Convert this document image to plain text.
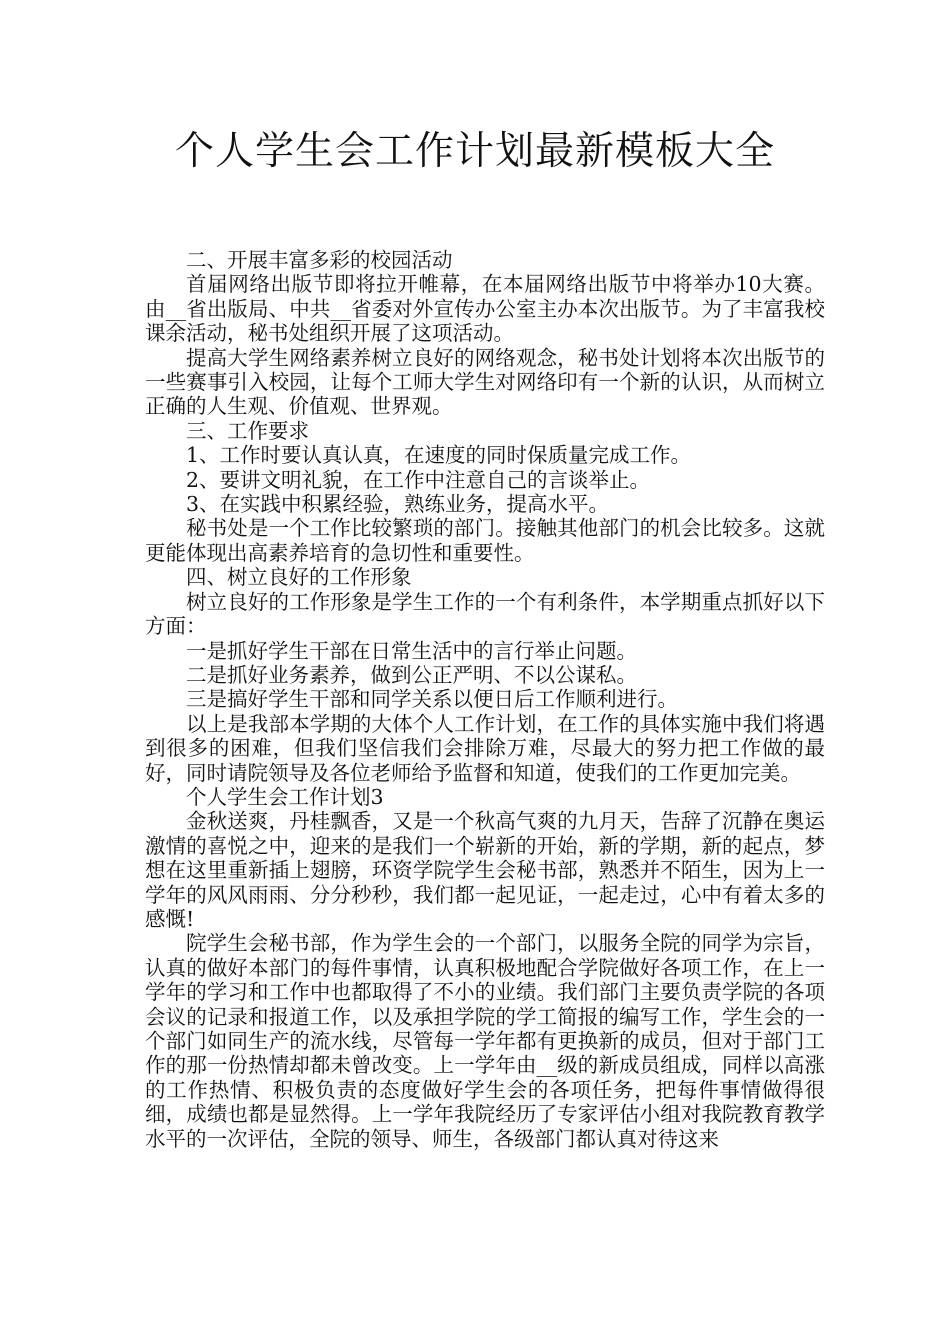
个人学生会工作计划最新模板大全

二、开展丰富多彩的校园活动

首届网络出版节即将拉开帷幕，在本届网络出版节中将举办10大赛。由__省出版局、中共__省委对外宣传办公室主办本次出版节。为了丰富我校课余活动，秘书处组织开展了这项活动。

提高大学生网络素养树立良好的网络观念，秘书处计划将本次出版节的一些赛事引入校园，让每个工师大学生对网络印有一个新的认识，从而树立正确的人生观、价值观、世界观。

三、工作要求

1、工作时要认真认真，在速度的同时保质量完成工作。

2、要讲文明礼貌，在工作中注意自己的言谈举止。

3、在实践中积累经验，熟练业务，提高水平。

秘书处是一个工作比较繁琐的部门。接触其他部门的机会比较多。这就更能体现出高素养培育的急切性和重要性。

四、树立良好的工作形象

树立良好的工作形象是学生工作的一个有利条件，本学期重点抓好以下方面：

一是抓好学生干部在日常生活中的言行举止问题。

二是抓好业务素养，做到公正严明、不以公谋私。

三是搞好学生干部和同学关系以便日后工作顺利进行。

以上是我部本学期的大体个人工作计划，在工作的具体实施中我们将遇到很多的困难，但我们坚信我们会排除万难，尽最大的努力把工作做的最好，同时请院领导及各位老师给予监督和知道，使我们的工作更加完美。

个人学生会工作计划3

金秋送爽，丹桂飘香，又是一个秋高气爽的九月天，告辞了沉静在奥运激情的喜悦之中，迎来的是我们一个崭新的开始，新的学期，新的起点，梦想在这里重新插上翅膀，环资学院学生会秘书部，熟悉并不陌生，因为上一学年的风风雨雨、分分秒秒，我们都一起见证，一起走过，心中有着太多的感慨!

院学生会秘书部，作为学生会的一个部门，以服务全院的同学为宗旨，认真的做好本部门的每件事情，认真积极地配合学院做好各项工作，在上一学年的学习和工作中也都取得了不小的业绩。我们部门主要负责学院的各项会议的记录和报道工作，以及承担学院的学工简报的编写工作，学生会的一个部门如同生产的流水线，尽管每一学年都有更换新的成员，但对于部门工作的那一份热情却都未曾改变。上一学年由__级的新成员组成，同样以高涨的工作热情、积极负责的态度做好学生会的各项任务，把每件事情做得很细，成绩也都是显然得。上一学年我院经历了专家评估小组对我院教育教学水平的一次评估，全院的领导、师生，各级部门都认真对待这来
